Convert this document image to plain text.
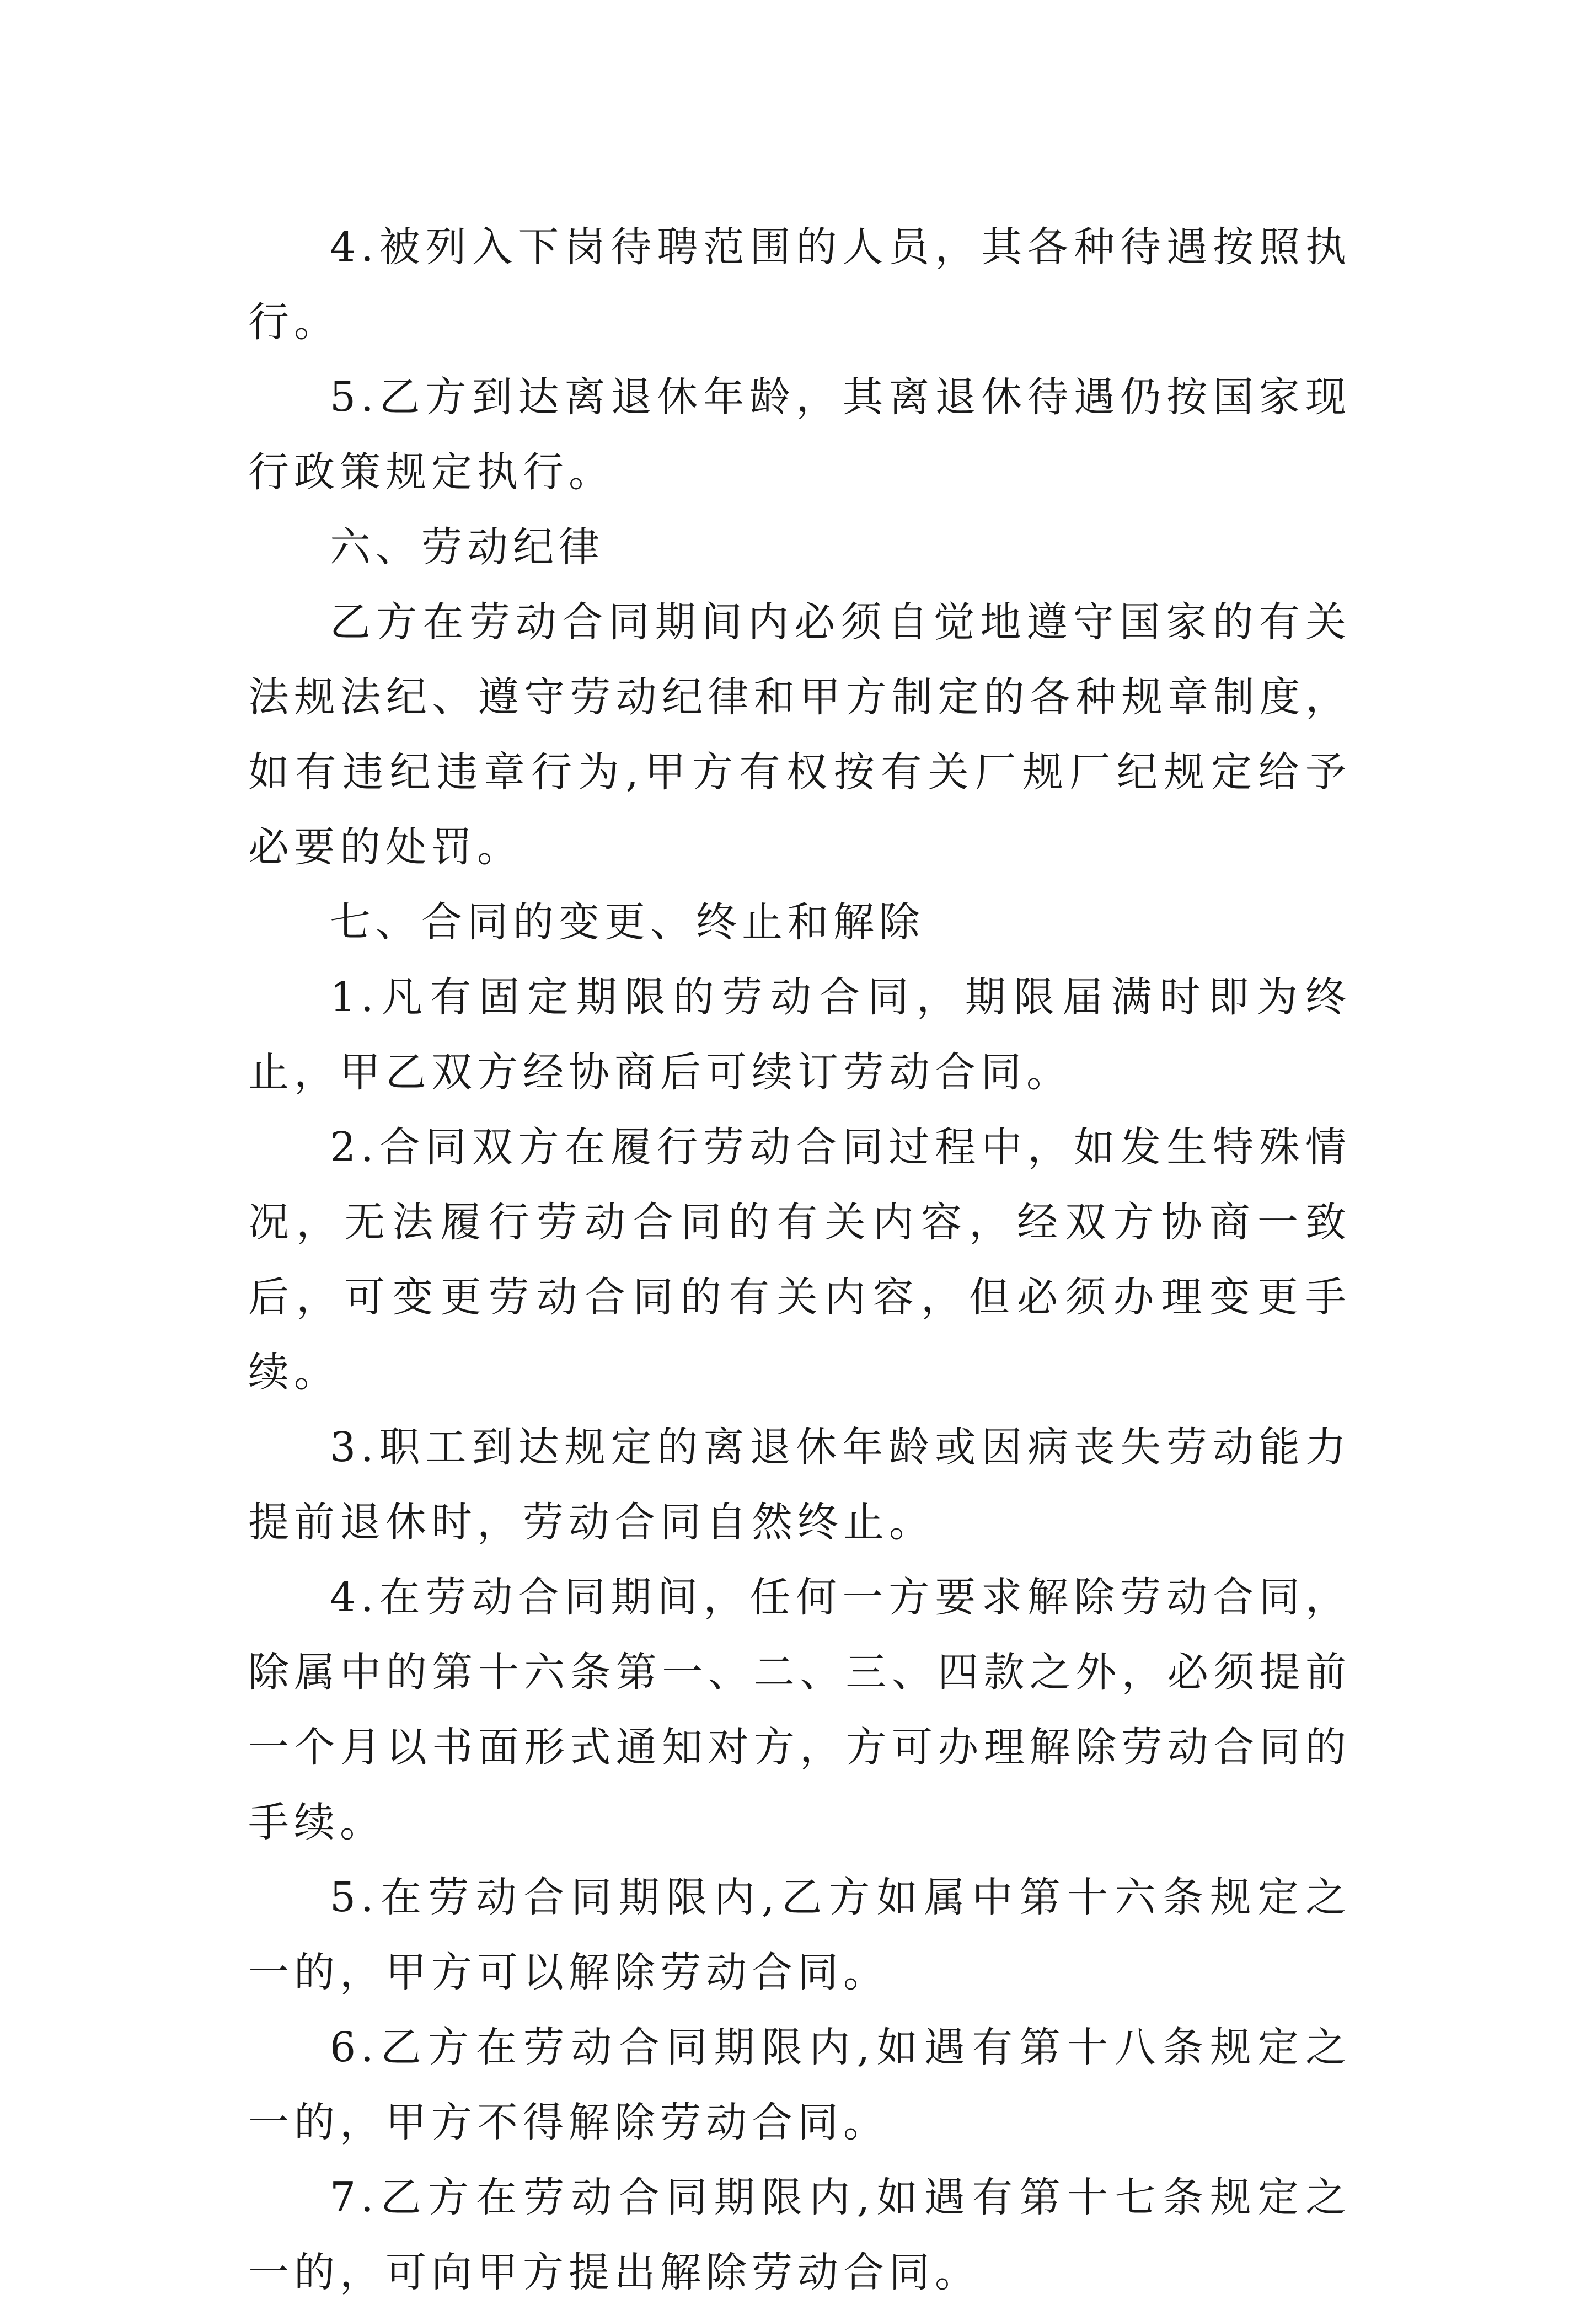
4.被列入下岗待聘范围的人员，其各种待遇按照执行。

5.乙方到达离退休年龄，其离退休待遇仍按国家现行政策规定执行。

六、劳动纪律

乙方在劳动合同期间内必须自觉地遵守国家的有关法规法纪、遵守劳动纪律和甲方制定的各种规章制度，如有违纪违章行为,甲方有权按有关厂规厂纪规定给予必要的处罚。

七、合同的变更、终止和解除

1.凡有固定期限的劳动合同，期限届满时即为终止，甲乙双方经协商后可续订劳动合同。

2.合同双方在履行劳动合同过程中，如发生特殊情况，无法履行劳动合同的有关内容，经双方协商一致后，可变更劳动合同的有关内容，但必须办理变更手续。

3.职工到达规定的离退休年龄或因病丧失劳动能力提前退休时，劳动合同自然终止。

4.在劳动合同期间，任何一方要求解除劳动合同，除属中的第十六条第一、二、三、四款之外，必须提前一个月以书面形式通知对方，方可办理解除劳动合同的手续。

5.在劳动合同期限内,乙方如属中第十六条规定之一的，甲方可以解除劳动合同。

6.乙方在劳动合同期限内,如遇有第十八条规定之一的，甲方不得解除劳动合同。

7.乙方在劳动合同期限内,如遇有第十七条规定之一的，可向甲方提出解除劳动合同。
